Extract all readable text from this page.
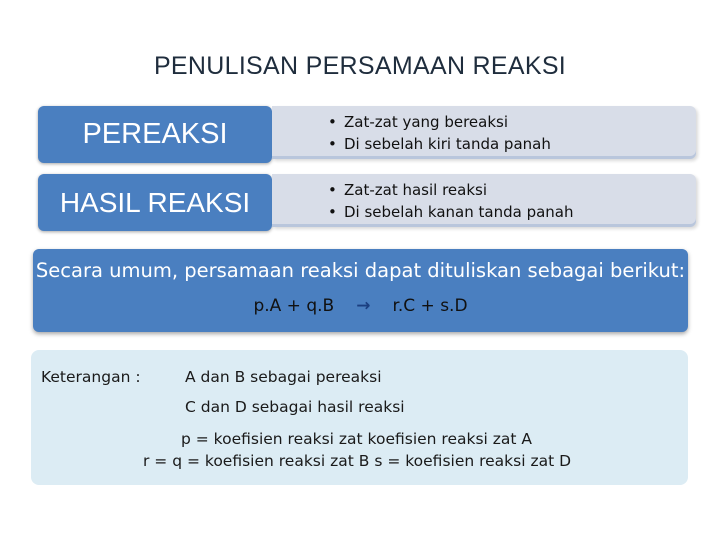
PENULISAN PERSAMAAN REAKSI
PEREAKSI	• Zat-zat yang bereaksi
• Di sebelah kiri tanda panah
HASIL REAKSI	• Zat-zat hasil reaksi
• Di sebelah kanan tanda panah
Secara umum, persamaan reaksi dapat dituliskan sebagai berikut:
p.A + q.B → r.C + s.D
Keterangan :	A dan B sebagai pereaksi
C dan D sebagai hasil reaksi
p = koefisien reaksi zat koefisien reaksi zat A
r = q = koefisien reaksi zat B s = koefisien reaksi zat D
